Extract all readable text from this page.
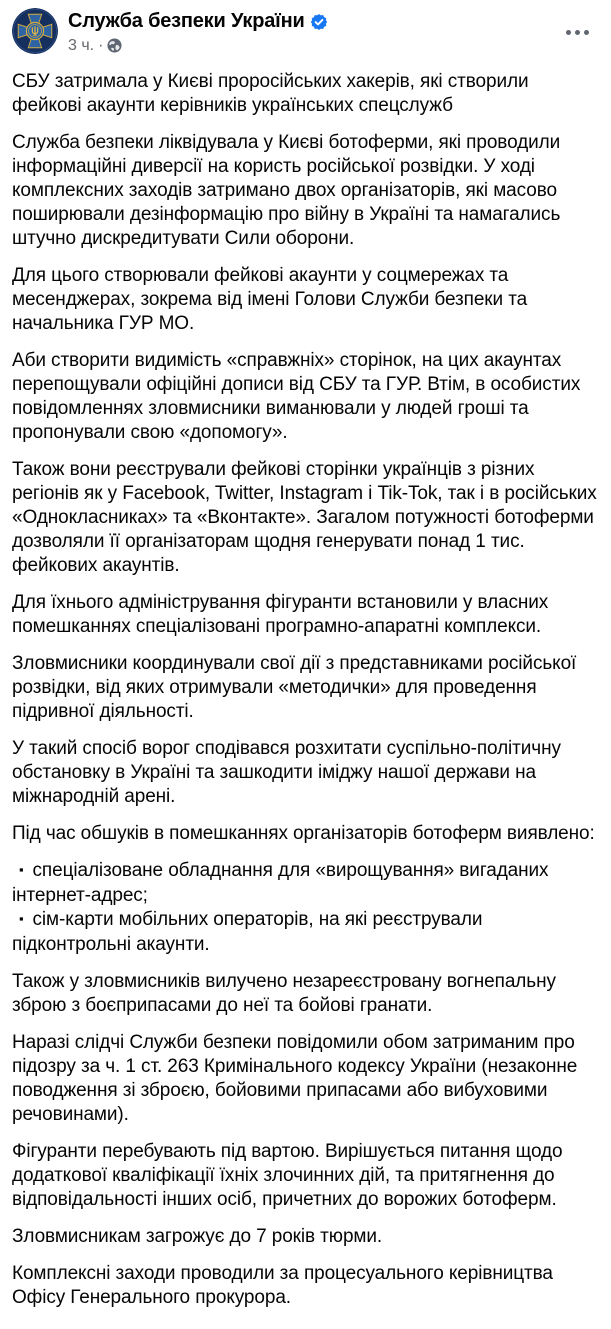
Служба безпеки України
3 ч. ·

СБУ затримала у Києві проросійських хакерів, які створили фейкові акаунти керівників українських спецслужб

Служба безпеки ліквідувала у Києві ботоферми, які проводили інформаційні диверсії на користь російської розвідки. У ході комплексних заходів затримано двох організаторів, які масово поширювали дезінформацію про війну в Україні та намагались штучно дискредитувати Сили оборони.

Для цього створювали фейкові акаунти у соцмережах та месенджерах, зокрема від імені Голови Служби безпеки та начальника ГУР МО.

Аби створити видимість «справжніх» сторінок, на цих акаунтах перепощували офіційні дописи від СБУ та ГУР. Втім, в особистих повідомленнях зловмисники виманювали у людей гроші та пропонували свою «допомогу».

Також вони реєстрували фейкові сторінки українців з різних регіонів як у Facebook, Twitter, Instagram і Tik-Tok, так і в російських «Однокласниках» та «Вконтакте». Загалом потужності ботоферми дозволяли її організаторам щодня генерувати понад 1 тис. фейкових акаунтів.

Для їхнього адміністрування фігуранти встановили у власних помешканнях спеціалізовані програмно-апаратні комплекси.

Зловмисники координували свої дії з представниками російської розвідки, від яких отримували «методички» для проведення підривної діяльності.

У такий спосіб ворог сподівався розхитати суспільно-політичну обстановку в Україні та зашкодити іміджу нашої держави на міжнародній арені.

Під час обшуків в помешканнях організаторів ботоферм виявлено:

▪ спеціалізоване обладнання для «вирощування» вигаданих інтернет-адрес;
▪ сім-карти мобільних операторів, на які реєстрували підконтрольні акаунти.

Також у зловмисників вилучено незареєстровану вогнепальну зброю з боєприпасами до неї та бойові гранати.

Наразі слідчі Служби безпеки повідомили обом затриманим про підозру за ч. 1 ст. 263 Кримінального кодексу України (незаконне поводження зі зброєю, бойовими припасами або вибуховими речовинами).

Фігуранти перебувають під вартою. Вирішується питання щодо додаткової кваліфікації їхніх злочинних дій, та притягнення до відповідальності інших осіб, причетних до ворожих ботоферм.

Зловмисникам загрожує до 7 років тюрми.

Комплексні заходи проводили за процесуального керівництва Офісу Генерального прокурора.
